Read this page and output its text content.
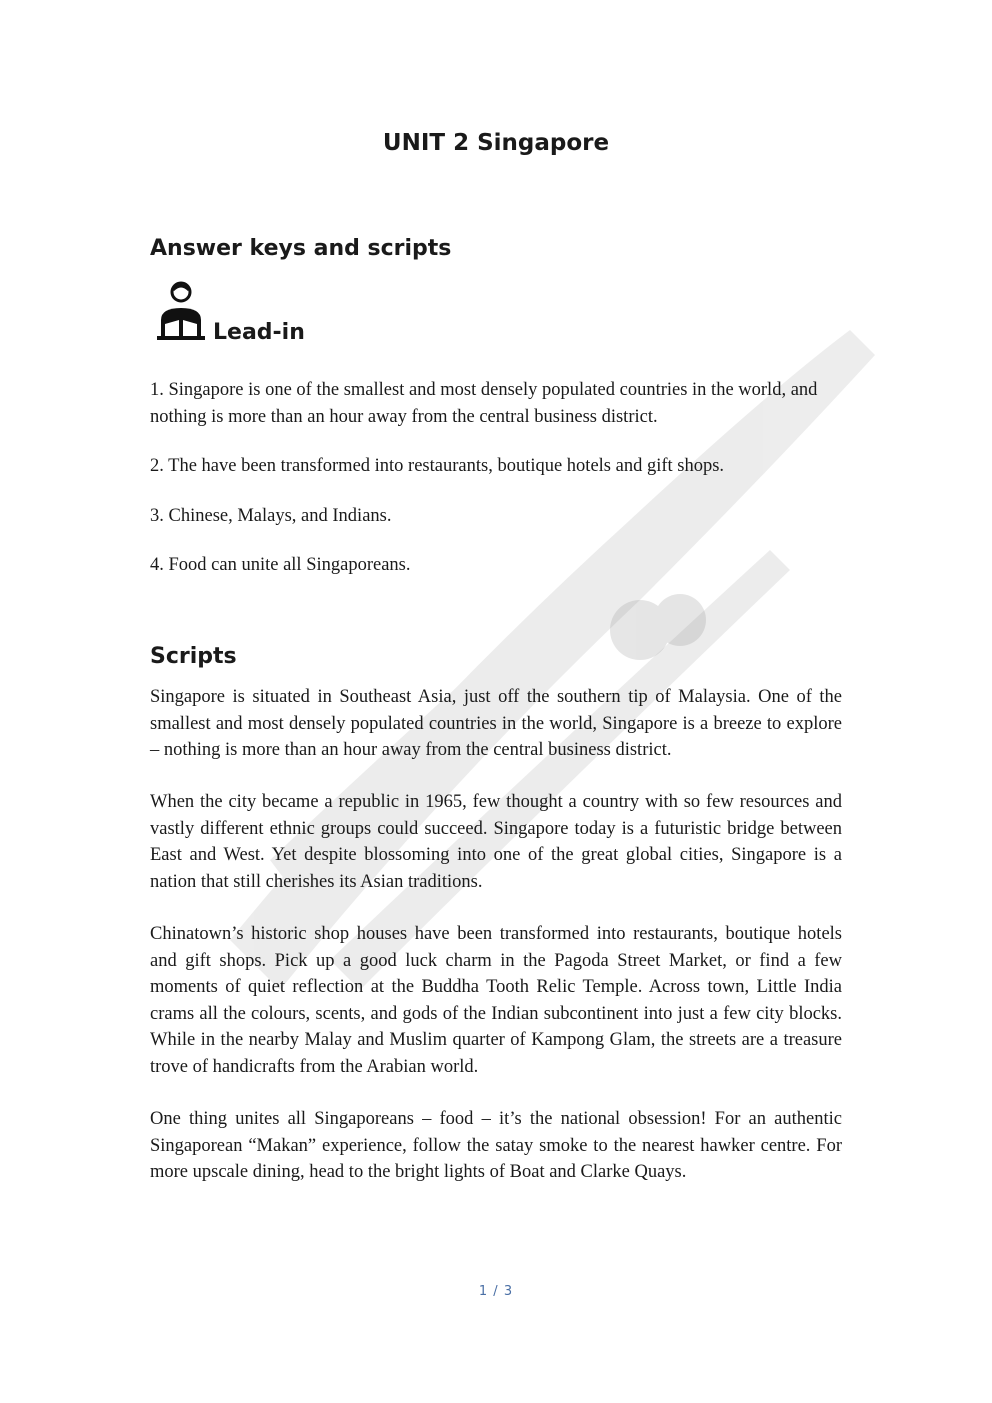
UNIT 2 Singapore
Answer keys and scripts
Lead-in
1. Singapore is one of the smallest and most densely populated countries in the world, and nothing is more than an hour away from the central business district.
2. The have been transformed into restaurants, boutique hotels and gift shops.
3. Chinese, Malays, and Indians.
4. Food can unite all Singaporeans.
Scripts
Singapore is situated in Southeast Asia, just off the southern tip of Malaysia. One of the smallest and most densely populated countries in the world, Singapore is a breeze to explore – nothing is more than an hour away from the central business district.
When the city became a republic in 1965, few thought a country with so few resources and vastly different ethnic groups could succeed. Singapore today is a futuristic bridge between East and West. Yet despite blossoming into one of the great global cities, Singapore is a nation that still cherishes its Asian traditions.
Chinatown’s historic shop houses have been transformed into restaurants, boutique hotels and gift shops. Pick up a good luck charm in the Pagoda Street Market, or find a few moments of quiet reflection at the Buddha Tooth Relic Temple. Across town, Little India crams all the colours, scents, and gods of the Indian subcontinent into just a few city blocks. While in the nearby Malay and Muslim quarter of Kampong Glam, the streets are a treasure trove of handicrafts from the Arabian world.
One thing unites all Singaporeans – food – it’s the national obsession! For an authentic Singaporean “Makan” experience, follow the satay smoke to the nearest hawker centre. For more upscale dining, head to the bright lights of Boat and Clarke Quays.
1 / 3
